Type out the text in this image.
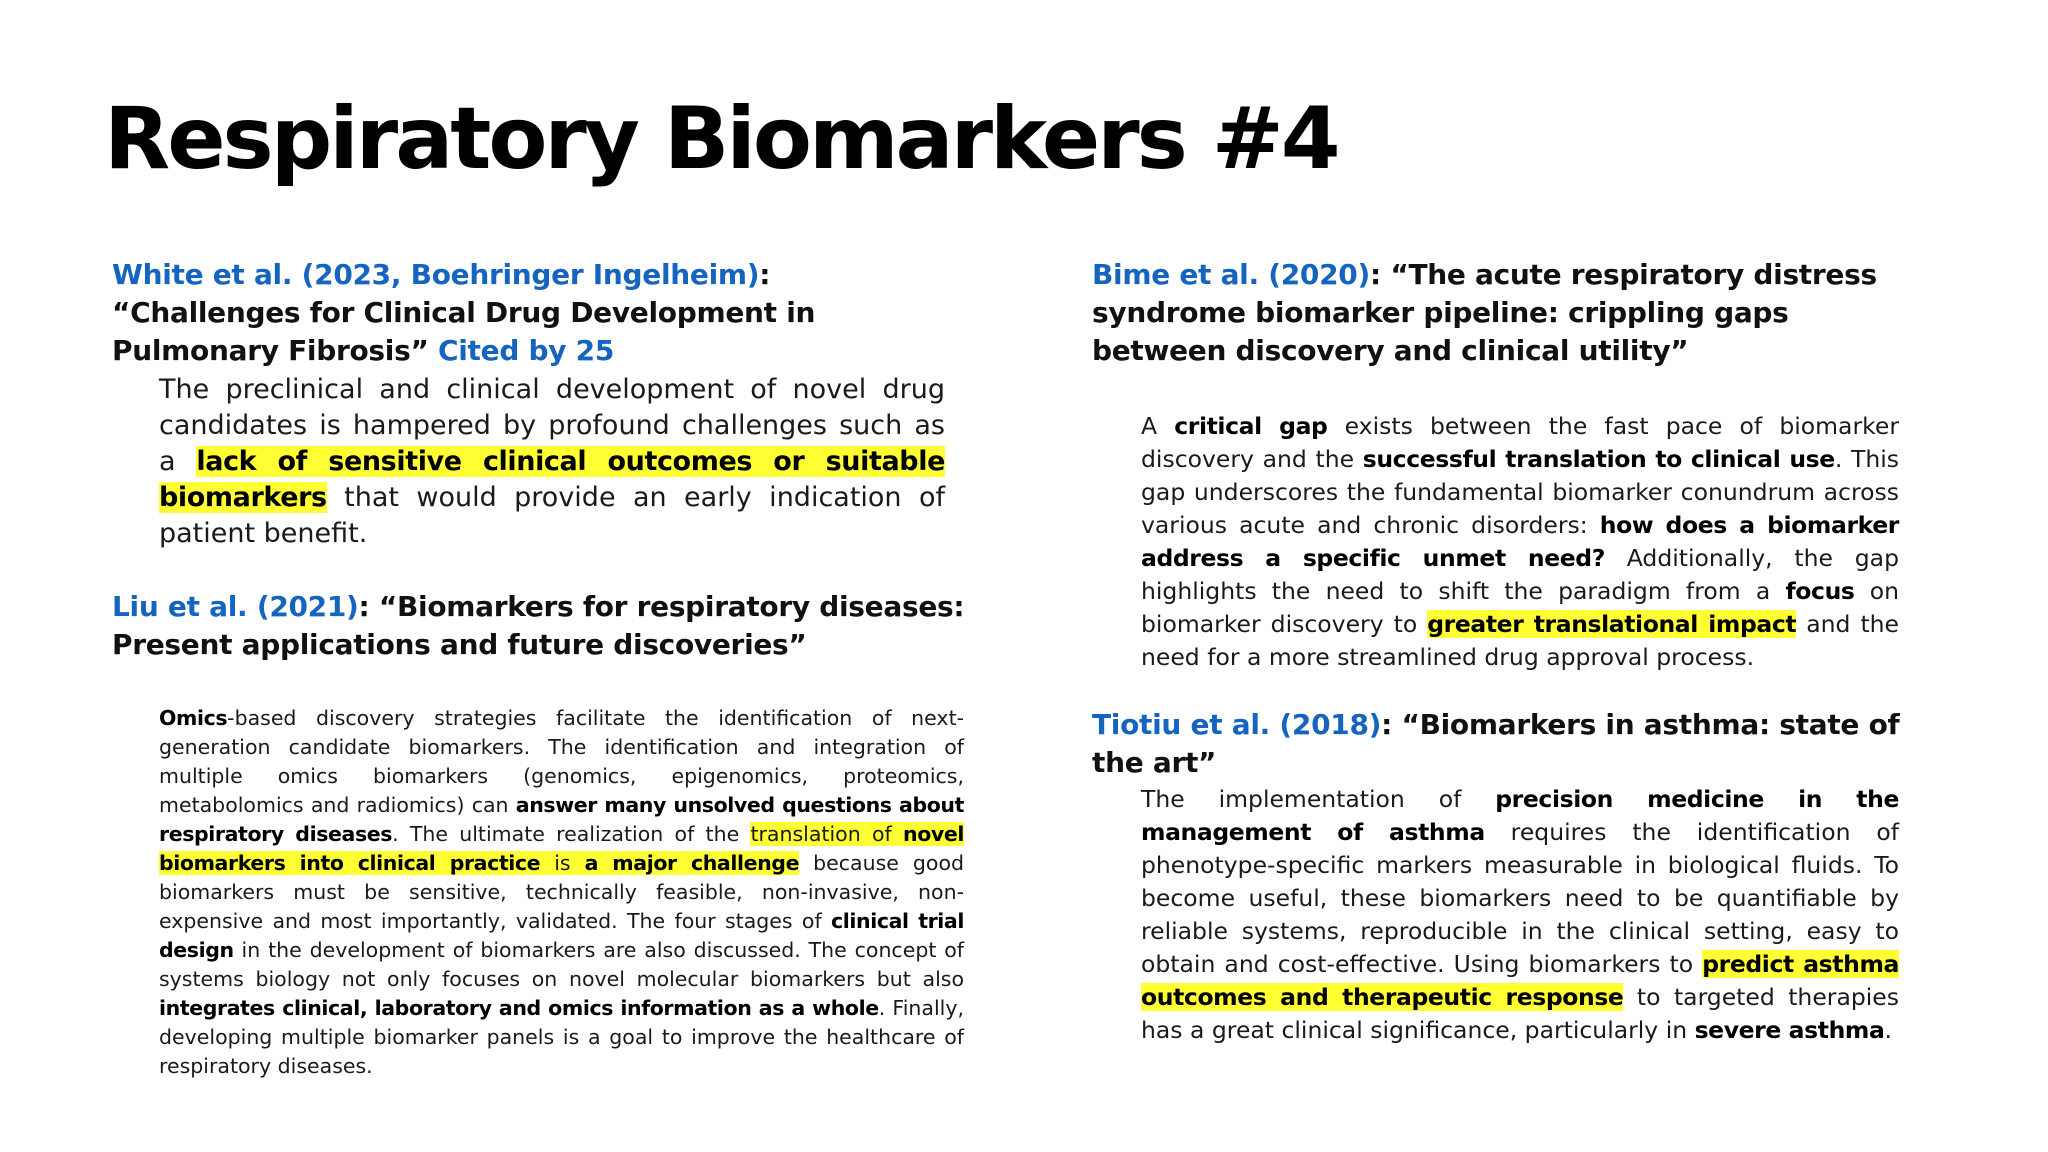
Respiratory Biomarkers #4

White et al. (2023, Boehringer Ingelheim): “Challenges for Clinical Drug Development in Pulmonary Fibrosis” Cited by 25

The preclinical and clinical development of novel drug candidates is hampered by profound challenges such as a lack of sensitive clinical outcomes or suitable biomarkers that would provide an early indication of patient benefit.

Liu et al. (2021): “Biomarkers for respiratory diseases: Present applications and future discoveries”

Omics-based discovery strategies facilitate the identification of next-generation candidate biomarkers. The identification and integration of multiple omics biomarkers (genomics, epigenomics, proteomics, metabolomics and radiomics) can answer many unsolved questions about respiratory diseases. The ultimate realization of the translation of novel biomarkers into clinical practice is a major challenge because good biomarkers must be sensitive, technically feasible, non-invasive, non-expensive and most importantly, validated. The four stages of clinical trial design in the development of biomarkers are also discussed. The concept of systems biology not only focuses on novel molecular biomarkers but also integrates clinical, laboratory and omics information as a whole. Finally, developing multiple biomarker panels is a goal to improve the healthcare of respiratory diseases.

Bime et al. (2020): “The acute respiratory distress syndrome biomarker pipeline: crippling gaps between discovery and clinical utility”

A critical gap exists between the fast pace of biomarker discovery and the successful translation to clinical use. This gap underscores the fundamental biomarker conundrum across various acute and chronic disorders: how does a biomarker address a specific unmet need? Additionally, the gap highlights the need to shift the paradigm from a focus on biomarker discovery to greater translational impact and the need for a more streamlined drug approval process.

Tiotiu et al. (2018): “Biomarkers in asthma: state of the art”

The implementation of precision medicine in the management of asthma requires the identification of phenotype-specific markers measurable in biological fluids. To become useful, these biomarkers need to be quantifiable by reliable systems, reproducible in the clinical setting, easy to obtain and cost-effective. Using biomarkers to predict asthma outcomes and therapeutic response to targeted therapies has a great clinical significance, particularly in severe asthma.
